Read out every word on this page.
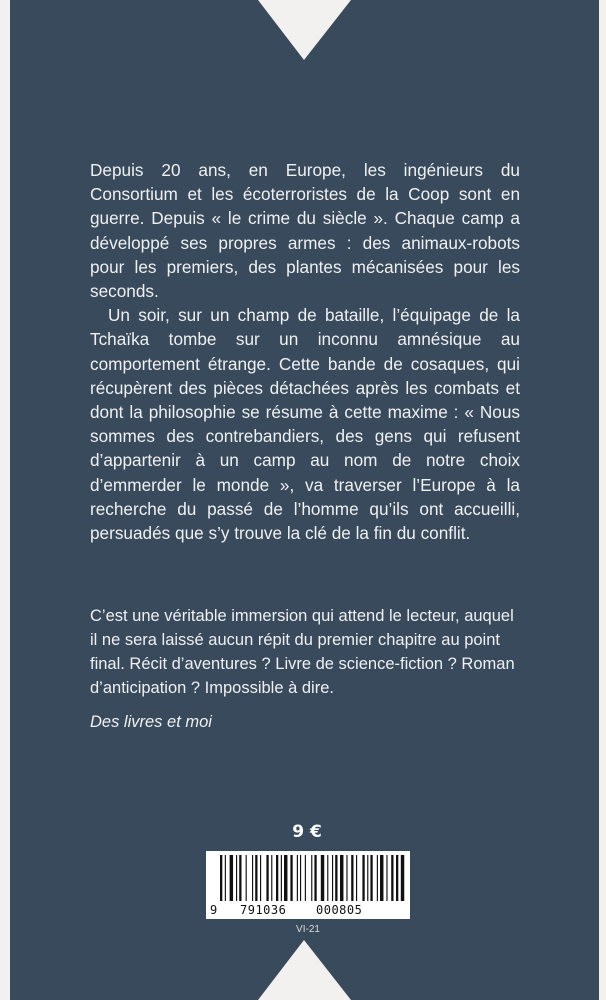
Depuis 20 ans, en Europe, les ingénieurs du Consortium et les écoterroristes de la Coop sont en guerre. Depuis « le crime du siècle ». Chaque camp a développé ses propres armes : des animaux-robots pour les premiers, des plantes mécanisées pour les seconds.

Un soir, sur un champ de bataille, l’équipage de la Tchaïka tombe sur un inconnu amnésique au comportement étrange. Cette bande de cosaques, qui récupèrent des pièces détachées après les combats et dont la philosophie se résume à cette maxime : « Nous sommes des contrebandiers, des gens qui refusent d’appartenir à un camp au nom de notre choix d’emmerder le monde », va traverser l’Europe à la recherche du passé de l’homme qu’ils ont accueilli, persuadés que s’y trouve la clé de la fin du conflit.

C’est une véritable immersion qui attend le lecteur, auquel il ne sera laissé aucun répit du premier chapitre au point final. Récit d’aventures ? Livre de science-fiction ? Roman d’anticipation ? Impossible à dire.

Des livres et moi
9 €
9 791036 000805
VI-21
